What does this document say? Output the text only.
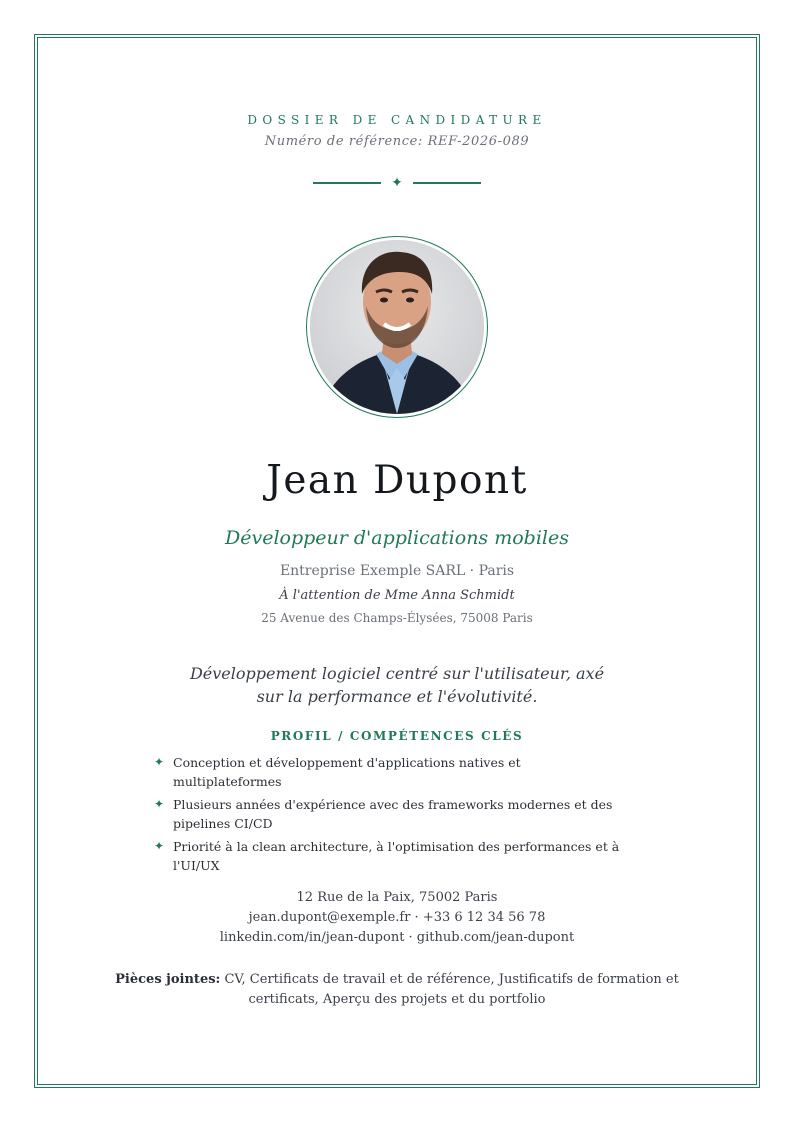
DOSSIER DE CANDIDATURE
Numéro de référence: REF-2026-089
✦
Jean Dupont
Développeur d'applications mobiles
Entreprise Exemple SARL · Paris
À l'attention de Mme Anna Schmidt
25 Avenue des Champs-Élysées, 75008 Paris
Développement logiciel centré sur l'utilisateur, axé sur la performance et l'évolutivité.
PROFIL / COMPÉTENCES CLÉS
✦ Conception et développement d'applications natives et multiplateformes
✦ Plusieurs années d'expérience avec des frameworks modernes et des pipelines CI/CD
✦ Priorité à la clean architecture, à l'optimisation des performances et à l'UI/UX
12 Rue de la Paix, 75002 Paris
jean.dupont@exemple.fr · +33 6 12 34 56 78
linkedin.com/in/jean-dupont · github.com/jean-dupont
Pièces jointes: CV, Certificats de travail et de référence, Justificatifs de formation et certificats, Aperçu des projets et du portfolio
